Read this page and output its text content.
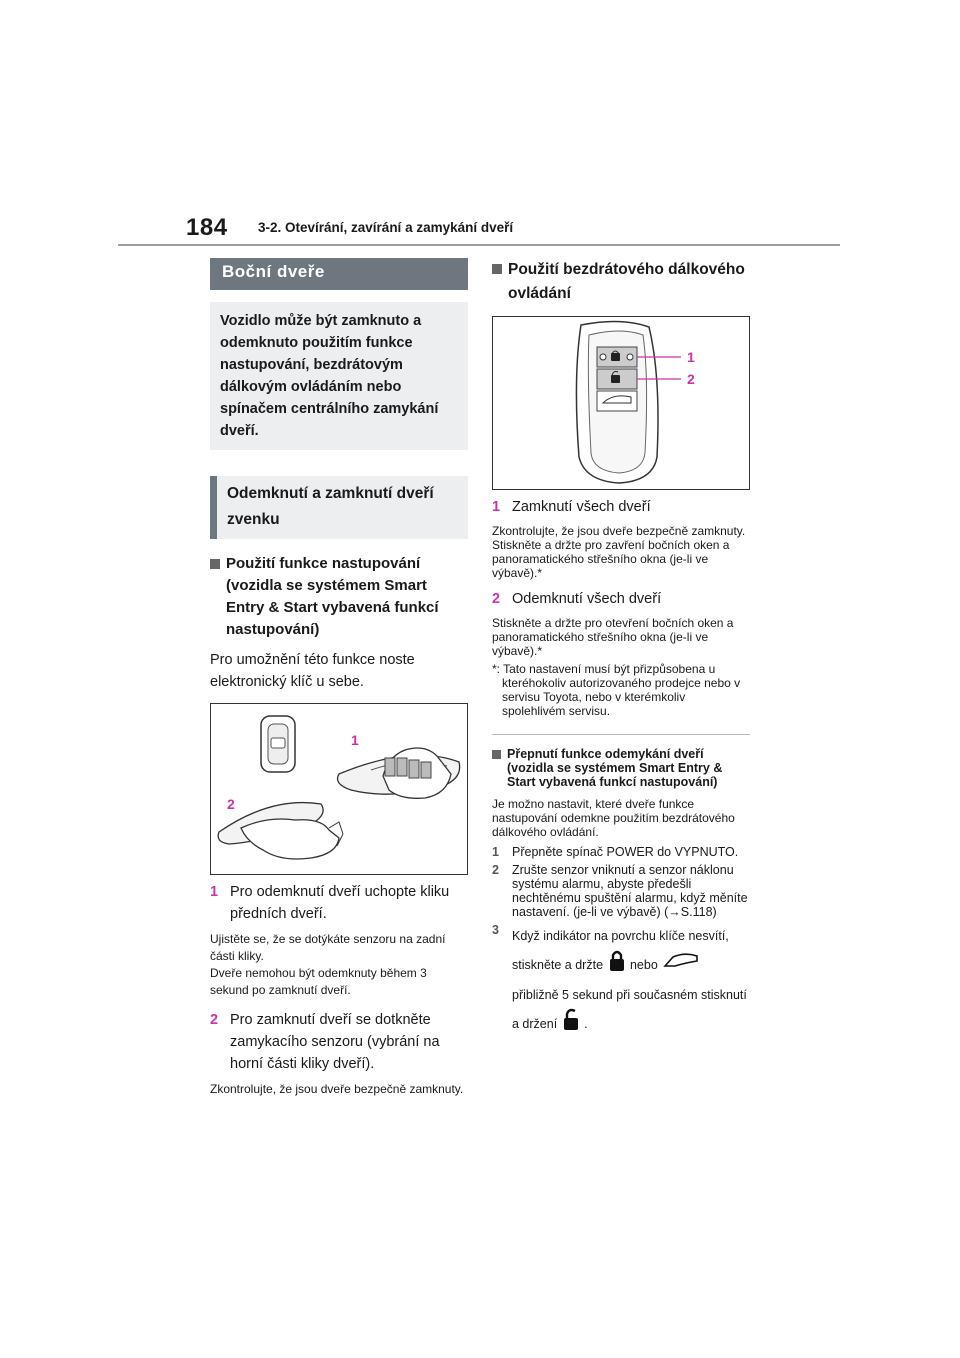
184 3-2. Otevírání, zavírání a zamykání dveří
Boční dveře
Vozidlo může být zamknuto a odemknuto použitím funkce nastupování, bezdrátovým dálkovým ovládáním nebo spínačem centrálního zamykání dveří.
Odemknutí a zamknutí dveří zvenku
Použití funkce nastupování (vozidla se systémem Smart Entry & Start vybavená funkcí nastupování)
Pro umožnění této funkce noste elektronický klíč u sebe.
1
2
1 Pro odemknutí dveří uchopte kliku předních dveří.
Ujistěte se, že se dotýkáte senzoru na zadní části kliky.
Dveře nemohou být odemknuty během 3 sekund po zamknutí dveří.
2 Pro zamknutí dveří se dotkněte zamykacího senzoru (vybrání na horní části kliky dveří).
Zkontrolujte, že jsou dveře bezpečně zamknuty.
Použití bezdrátového dálkového ovládání
1
2
1 Zamknutí všech dveří
Zkontrolujte, že jsou dveře bezpečně zamknuty.
Stiskněte a držte pro zavření bočních oken a panoramatického střešního okna (je-li ve výbavě).*
2 Odemknutí všech dveří
Stiskněte a držte pro otevření bočních oken a panoramatického střešního okna (je-li ve výbavě).*
*: Tato nastavení musí být přizpůsobena u kteréhokoliv autorizovaného prodejce nebo v servisu Toyota, nebo v kterémkoliv spolehlivém servisu.
Přepnutí funkce odemykání dveří (vozidla se systémem Smart Entry & Start vybavená funkcí nastupování)
Je možno nastavit, které dveře funkce nastupování odemkne použitím bezdrátového dálkového ovládání.
1	Přepněte spínač POWER do VYPNUTO.
2	Zrušte senzor vniknutí a senzor náklonu systému alarmu, abyste předešli nechtěnému spuštění alarmu, když měníte nastavení. (je-li ve výbavě) (→S.118)
3	Když indikátor na povrchu klíče nesvítí, stiskněte a držte nebo  přibližně 5 sekund při současném stisknutí a držení .
